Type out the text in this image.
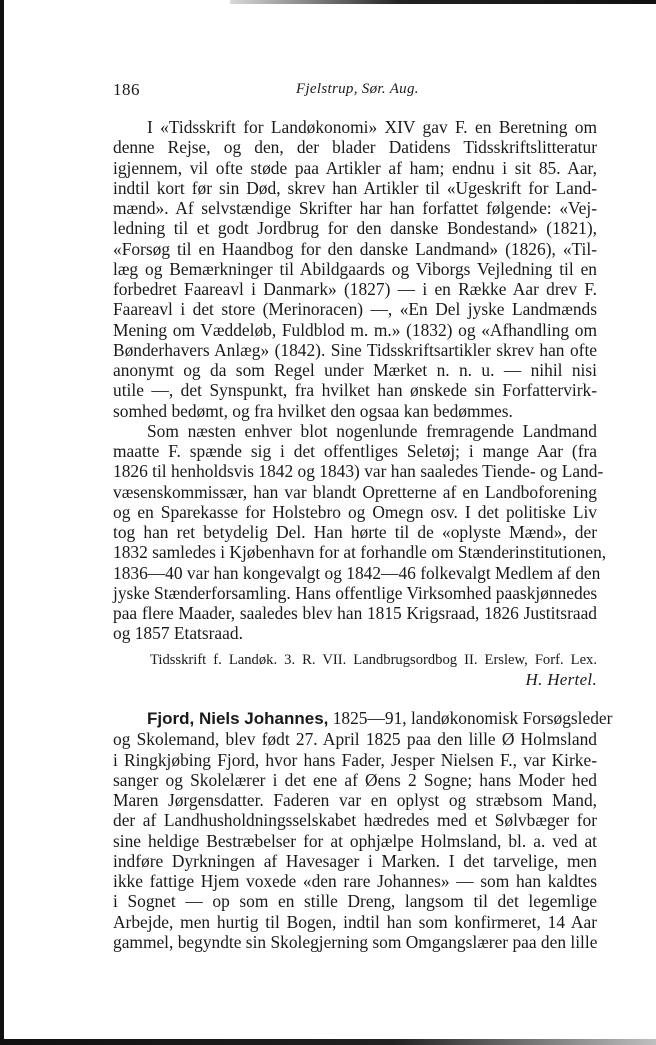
186	Fjelstrup, Sør. Aug.
I «Tidsskrift for Landøkonomi» XIV gav F. en Beretning om
denne Rejse, og den, der blader Datidens Tidsskriftslitteratur
igjennem, vil ofte støde paa Artikler af ham; endnu i sit 85. Aar,
indtil kort før sin Død, skrev han Artikler til «Ugeskrift for Land-
mænd». Af selvstændige Skrifter har han forfattet følgende: «Vej-
ledning til et godt Jordbrug for den danske Bondestand» (1821),
«Forsøg til en Haandbog for den danske Landmand» (1826), «Til-
læg og Bemærkninger til Abildgaards og Viborgs Vejledning til en
forbedret Faareavl i Danmark» (1827) — i en Række Aar drev F.
Faareavl i det store (Merinoracen) —, «En Del jyske Landmænds
Mening om Væddeløb, Fuldblod m. m.» (1832) og «Afhandling om
Bønderhavers Anlæg» (1842). Sine Tidsskriftsartikler skrev han ofte
anonymt og da som Regel under Mærket n. n. u. — nihil nisi
utile —, det Synspunkt, fra hvilket han ønskede sin Forfattervirk-
somhed bedømt, og fra hvilket den ogsaa kan bedømmes.
Som næsten enhver blot nogenlunde fremragende Landmand
maatte F. spænde sig i det offentliges Seletøj; i mange Aar (fra
1826 til henholdsvis 1842 og 1843) var han saaledes Tiende- og Land-
væsenskommissær, han var blandt Opretterne af en Landboforening
og en Sparekasse for Holstebro og Omegn osv. I det politiske Liv
tog han ret betydelig Del. Han hørte til de «oplyste Mænd», der
1832 samledes i Kjøbenhavn for at forhandle om Stænderinstitutionen,
1836—40 var han kongevalgt og 1842—46 folkevalgt Medlem af den
jyske Stænderforsamling. Hans offentlige Virksomhed paaskjønnedes
paa flere Maader, saaledes blev han 1815 Krigsraad, 1826 Justitsraad
og 1857 Etatsraad.
Tidsskrift f. Landøk. 3. R. VII. Landbrugsordbog II. Erslew, Forf. Lex.
H. Hertel.
Fjord, Niels Johannes, 1825—91, landøkonomisk Forsøgsleder
og Skolemand, blev født 27. April 1825 paa den lille Ø Holmsland
i Ringkjøbing Fjord, hvor hans Fader, Jesper Nielsen F., var Kirke-
sanger og Skolelærer i det ene af Øens 2 Sogne; hans Moder hed
Maren Jørgensdatter. Faderen var en oplyst og stræbsom Mand,
der af Landhusholdningsselskabet hædredes med et Sølvbæger for
sine heldige Bestræbelser for at ophjælpe Holmsland, bl. a. ved at
indføre Dyrkningen af Havesager i Marken. I det tarvelige, men
ikke fattige Hjem voxede «den rare Johannes» — som han kaldtes
i Sognet — op som en stille Dreng, langsom til det legemlige
Arbejde, men hurtig til Bogen, indtil han som konfirmeret, 14 Aar
gammel, begyndte sin Skolegjerning som Omgangslærer paa den lille
